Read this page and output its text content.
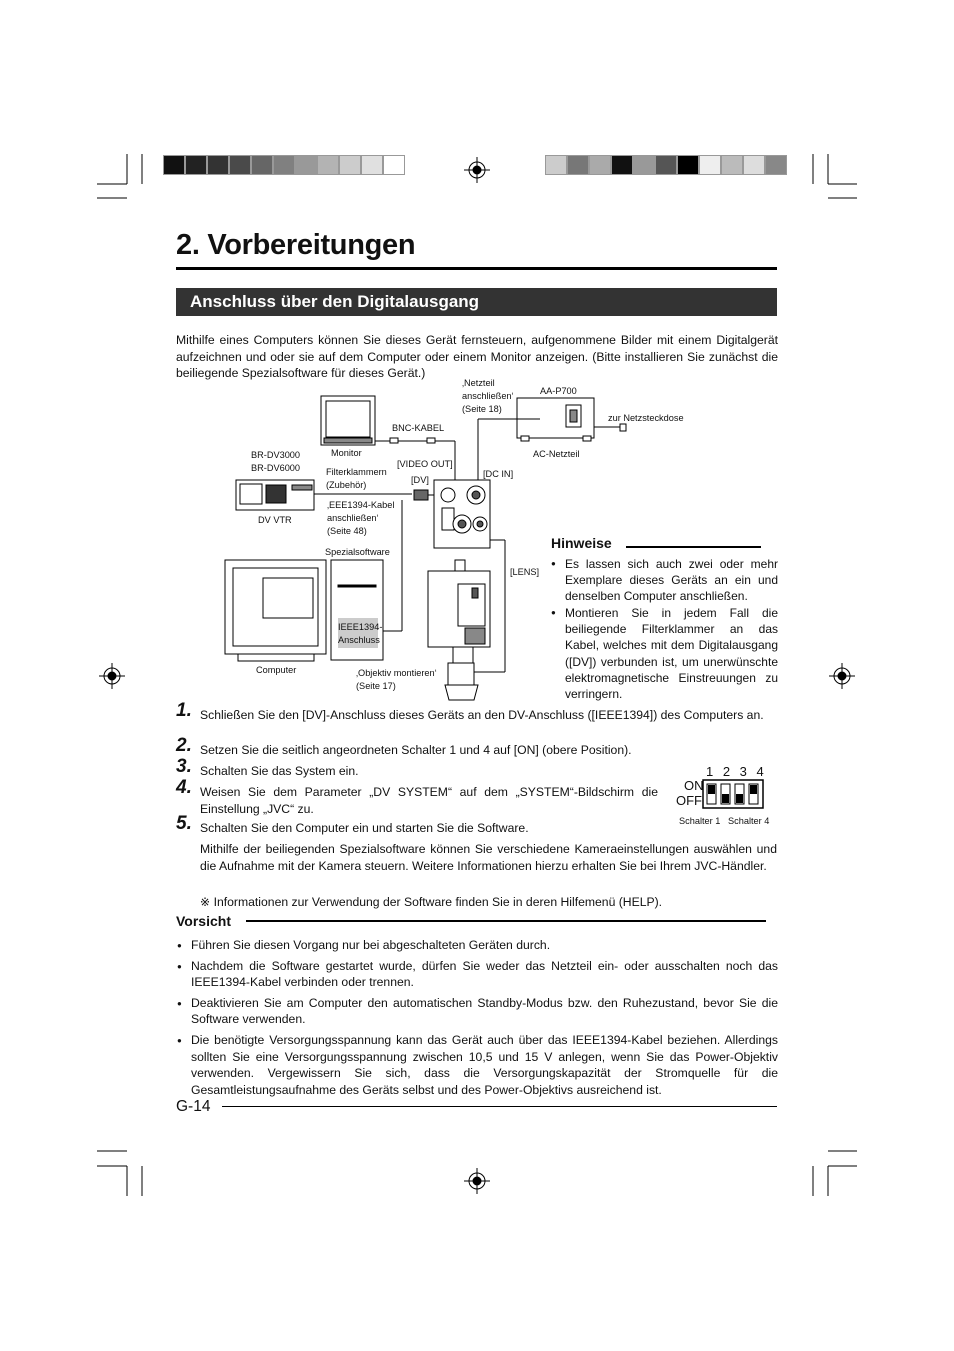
2. Vorbereitungen
Anschluss über den Digitalausgang
Mithilfe eines Computers können Sie dieses Gerät fernsteuern, aufgenommene Bilder mit einem Digitalgerät aufzeichnen und oder sie auf dem Computer oder einem Monitor anzeigen. (Bitte installieren Sie zunächst die beiliegende Spezialsoftware für dieses Gerät.)
‚Netzteil
anschließen‘
(Seite 18)
AA-P700
zur Netzsteckdose
BNC-KABEL
Monitor	AC-Netzteil
BR-DV3000
BR-DV6000	Filterklammern
(Zubehör)
[VIDEO OUT]
[DV]
[DC IN]
‚EEE1394-Kabel
anschließen‘
(Seite 48)
DV VTR
Spezialsoftware
[LENS]
IEEE1394-
Anschluss
Computer	‚Objektiv montieren‘
(Seite 17)
Hinweise
● Es lassen sich auch zwei oder mehr Exemplare dieses Geräts an ein und denselben Computer anschließen.
● Montieren Sie in jedem Fall die beiliegende Filterklammer an das Kabel, welches mit dem Digitalausgang ([DV]) verbunden ist, um unerwünschte elektromagnetische Einstreuungen zu verringern.
1. Schließen Sie den [DV]-Anschluss dieses Geräts an den DV-Anschluss ([IEEE1394]) des Computers an.
2. Setzen Sie die seitlich angeordneten Schalter 1 und 4 auf [ON] (obere Position).
3. Schalten Sie das System ein.
4. Weisen Sie dem Parameter „DV SYSTEM“ auf dem „SYSTEM“-Bildschirm die Einstellung „JVC“ zu.
5. Schalten Sie den Computer ein und starten Sie die Software.
Mithilfe der beiliegenden Spezialsoftware können Sie verschiedene Kameraeinstellungen auswählen und die Aufnahme mit der Kamera steuern. Weitere Informationen hierzu erhalten Sie bei Ihrem JVC-Händler.
※ Informationen zur Verwendung der Software finden Sie in deren Hilfemenü (HELP).
1 2 3 4
ON
OFF
Schalter 1 Schalter 4
Vorsicht
● Führen Sie diesen Vorgang nur bei abgeschalteten Geräten durch.
● Nachdem die Software gestartet wurde, dürfen Sie weder das Netzteil ein- oder ausschalten noch das IEEE1394-Kabel verbinden oder trennen.
● Deaktivieren Sie am Computer den automatischen Standby-Modus bzw. den Ruhezustand, bevor Sie die Software verwenden.
● Die benötigte Versorgungsspannung kann das Gerät auch über das IEEE1394-Kabel beziehen. Allerdings sollten Sie eine Versorgungsspannung zwischen 10,5 und 15 V anlegen, wenn Sie das Power-Objektiv verwenden. Vergewissern Sie sich, dass die Versorgungskapazität der Stromquelle für die Gesamtleistungsaufnahme des Geräts selbst und des Power-Objektivs ausreichend ist.
G-14
